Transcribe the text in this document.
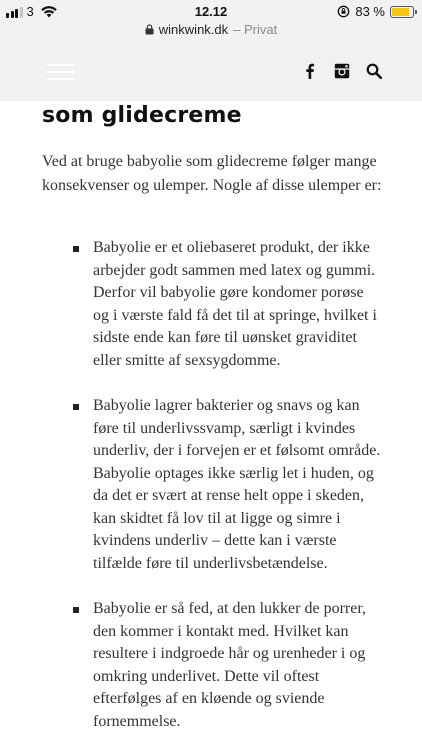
3	12.12
winkwink.dk – Privat
83 %
som glidecreme

Ved at bruge babyolie som glidecreme følger mange konsekvenser og ulemper. Nogle af disse ulemper er:

Babyolie er et oliebaseret produkt, der ikke arbejder godt sammen med latex og gummi. Derfor vil babyolie gøre kondomer porøse og i værste fald få det til at springe, hvilket i sidste ende kan føre til uønsket graviditet eller smitte af sexsygdomme.
Babyolie lagrer bakterier og snavs og kan føre til underlivssvamp, særligt i kvindes underliv, der i forvejen er et følsomt område. Babyolie optages ikke særlig let i huden, og da det er svært at rense helt oppe i skeden, kan skidtet få lov til at ligge og simre i kvindens underliv – dette kan i værste tilfælde føre til underlivsbetændelse.
Babyolie er så fed, at den lukker de porrer, den kommer i kontakt med. Hvilket kan resultere i indgroede hår og urenheder i og omkring underlivet. Dette vil oftest efterfølges af en kløende og sviende fornemmelse.
